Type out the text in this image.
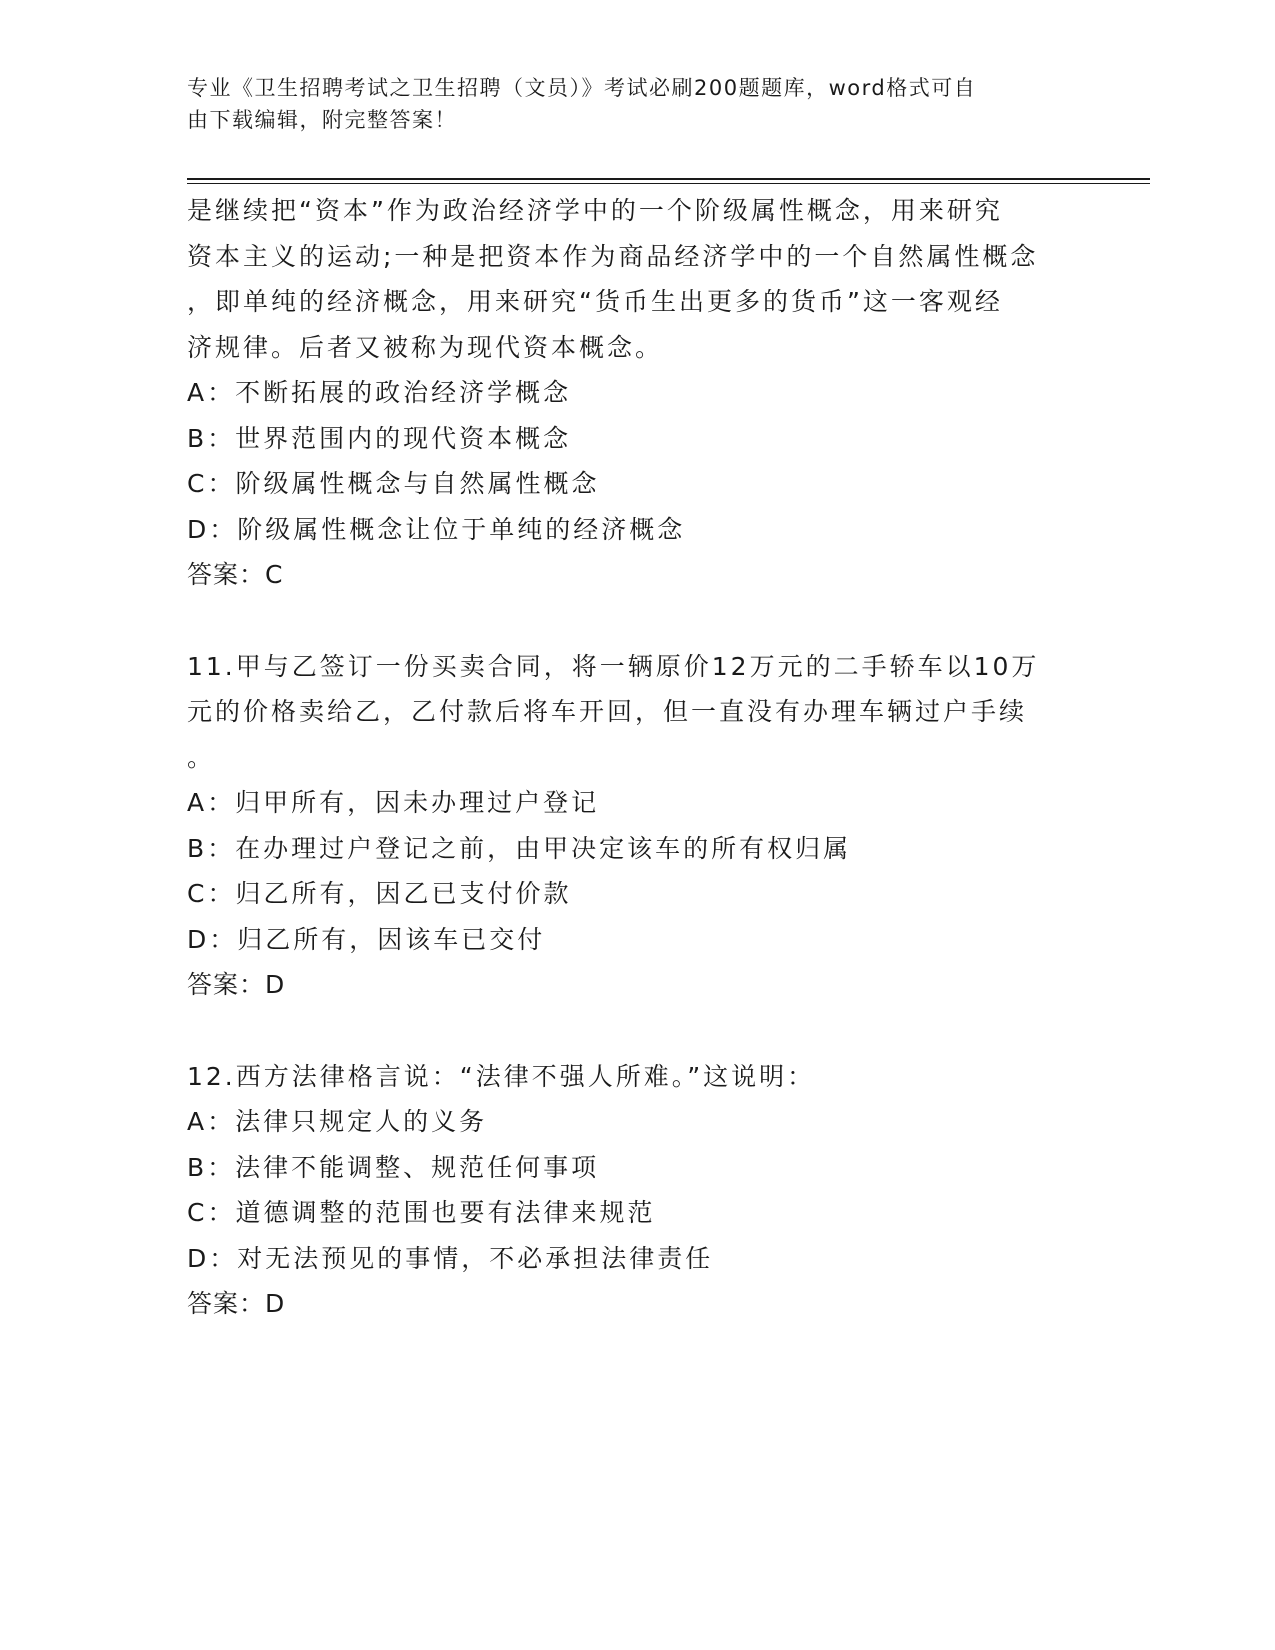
专业《卫生招聘考试之卫生招聘（文员）》考试必刷200题题库，word格式可自
由下载编辑，附完整答案！
是继续把“资本”作为政治经济学中的一个阶级属性概念，用来研究
资本主义的运动;一种是把资本作为商品经济学中的一个自然属性概念
，即单纯的经济概念，用来研究“货币生出更多的货币”这一客观经
济规律。后者又被称为现代资本概念。
A：不断拓展的政治经济学概念
B：世界范围内的现代资本概念
C：阶级属性概念与自然属性概念
D：阶级属性概念让位于单纯的经济概念
答案：C
11.甲与乙签订一份买卖合同，将一辆原价12万元的二手轿车以10万
元的价格卖给乙，乙付款后将车开回，但一直没有办理车辆过户手续
。
A：归甲所有，因未办理过户登记
B：在办理过户登记之前，由甲决定该车的所有权归属
C：归乙所有，因乙已支付价款
D：归乙所有，因该车已交付
答案：D
12.西方法律格言说：“法律不强人所难。”这说明：
A：法律只规定人的义务
B：法律不能调整、规范任何事项
C：道德调整的范围也要有法律来规范
D：对无法预见的事情，不必承担法律责任
答案：D
